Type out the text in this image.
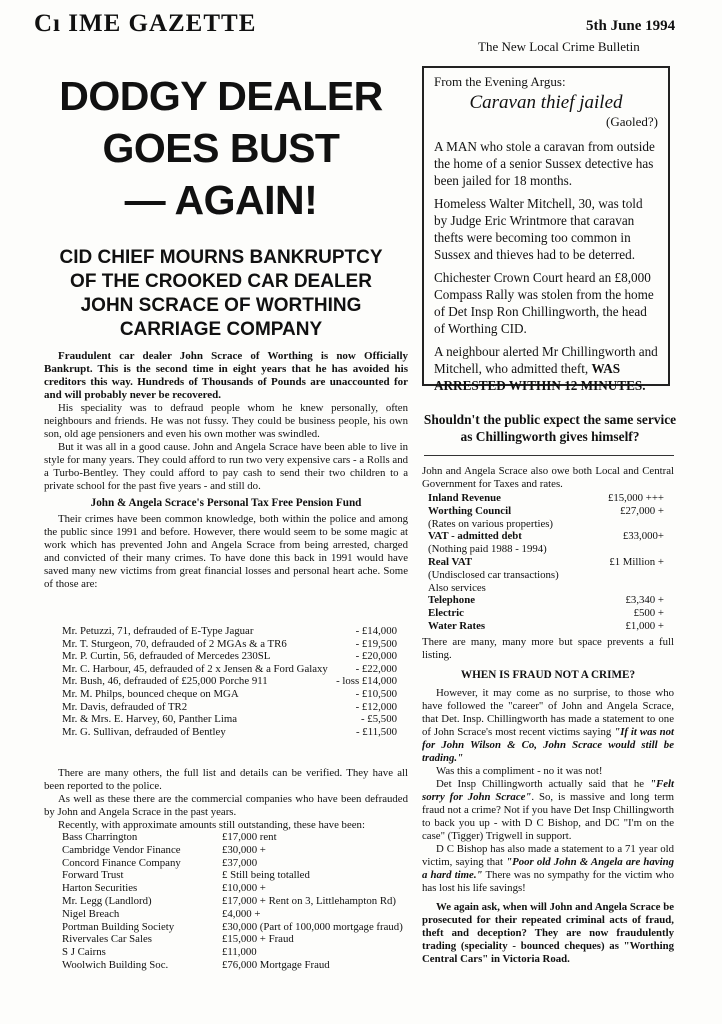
Cı IME GAZETTE	5th June 1994
The New Local Crime Bulletin
DODGY DEALER
GOES BUST
— AGAIN!
CID CHIEF MOURNS BANKRUPTCY
OF THE CROOKED CAR DEALER
JOHN SCRACE OF WORTHING
CARRIAGE COMPANY

Fraudulent car dealer John Scrace of Worthing is now Officially Bankrupt. This is the second time in eight years that he has avoided his creditors this way. Hundreds of Thousands of Pounds are unaccounted for and will probably never be recovered.

His speciality was to defraud people whom he knew personally, often neighbours and friends. He was not fussy. They could be business people, his own son, old age pensioners and even his own mother was swindled.

But it was all in a good cause. John and Angela Scrace have been able to live in style for many years. They could afford to run two very expensive cars - a Rolls and a Turbo-Bentley. They could afford to pay cash to send their two children to a private school for the past five years - and still do.

John & Angela Scrace's Personal Tax Free Pension Fund

Their crimes have been common knowledge, both within the police and among the public since 1991 and before. However, there would seem to be some magic at work which has prevented John and Angela Scrace from being arrested, charged and convicted of their many crimes. To have done this back in 1991 would have saved many new victims from great financial losses and personal heart ache. Some of those are:

Mr. Petuzzi, 71, defrauded of E-Type Jaguar	- £14,000
Mr. T. Sturgeon, 70, defrauded of 2 MGAs & a TR6	- £19,500
Mr. P. Curtin, 56, defrauded of Mercedes 230SL	- £20,000
Mr. C. Harbour, 45, defrauded of 2 x Jensen & a Ford Galaxy	- £22,000
Mr. Bush, 46, defrauded of £25,000 Porche 911	- loss £14,000
Mr. M. Philps, bounced cheque on MGA	- £10,500
Mr. Davis, defrauded of TR2	- £12,000
Mr. & Mrs. E. Harvey, 60, Panther Lima	- £5,500
Mr. G. Sullivan, defrauded of Bentley	- £11,500

There are many others, the full list and details can be verified. They have all been reported to the police.

As well as these there are the commercial companies who have been defrauded by John and Angela Scrace in the past years.

Recently, with approximate amounts still outstanding, these have been:

Bass Charrington	£17,000 rent
Cambridge Vendor Finance	£30,000 +
Concord Finance Company	£37,000
Forward Trust	£ Still being totalled
Harton Securities	£10,000 +
Mr. Legg (Landlord)	£17,000 + Rent on 3, Littlehampton Rd)
Nigel Breach	£4,000 +
Portman Building Society	£30,000 (Part of 100,000 mortgage fraud)
Rivervales Car Sales	£15,000 + Fraud
S J Cairns	£11,000
Woolwich Building Soc.	£76,000 Mortgage Fraud
From the Evening Argus:
Caravan thief jailed
(Gaoled?)

A MAN who stole a caravan from outside the home of a senior Sussex detective has been jailed for 18 months.

Homeless Walter Mitchell, 30, was told by Judge Eric Wrintmore that caravan thefts were becoming too common in Sussex and thieves had to be deterred.

Chichester Crown Court heard an £8,000 Compass Rally was stolen from the home of Det Insp Ron Chillingworth, the head of Worthing CID.

A neighbour alerted Mr Chillingworth and Mitchell, who admitted theft, WAS ARRESTED WITHIN 12 MINUTES.

Shouldn't the public expect the same service as Chillingworth gives himself?
John and Angela Scrace also owe both Local and Central Government for Taxes and rates.
Inland Revenue	£15,000 +++
Worthing Council	£27,000 +
(Rates on various properties)	
VAT - admitted debt	£33,000+
(Nothing paid 1988 - 1994)	
Real VAT	£1 Million +
(Undisclosed car transactions)	
Also services	
Telephone	£3,340 +
Electric	£500 +
Water Rates	£1,000 +

There are many, many more but space prevents a full listing.

WHEN IS FRAUD NOT A CRIME?

However, it may come as no surprise, to those who have followed the "career" of John and Angela Scrace, that Det. Insp. Chillingworth has made a statement to one of John Scrace's most recent victims saying "If it was not for John Wilson & Co, John Scrace would still be trading."

Was this a compliment - no it was not!

Det Insp Chillingworth actually said that he "Felt sorry for John Scrace". So, is massive and long term fraud not a crime? Not if you have Det Insp Chillingworth to back you up - with D C Bishop, and DC "I'm on the case" (Tigger) Trigwell in support.

D C Bishop has also made a statement to a 71 year old victim, saying that "Poor old John & Angela are having a hard time." There was no sympathy for the victim who has lost his life savings!

We again ask, when will John and Angela Scrace be prosecuted for their repeated criminal acts of fraud, theft and deception? They are now fraudulently trading (speciality - bounced cheques) as "Worthing Central Cars" in Victoria Road.
